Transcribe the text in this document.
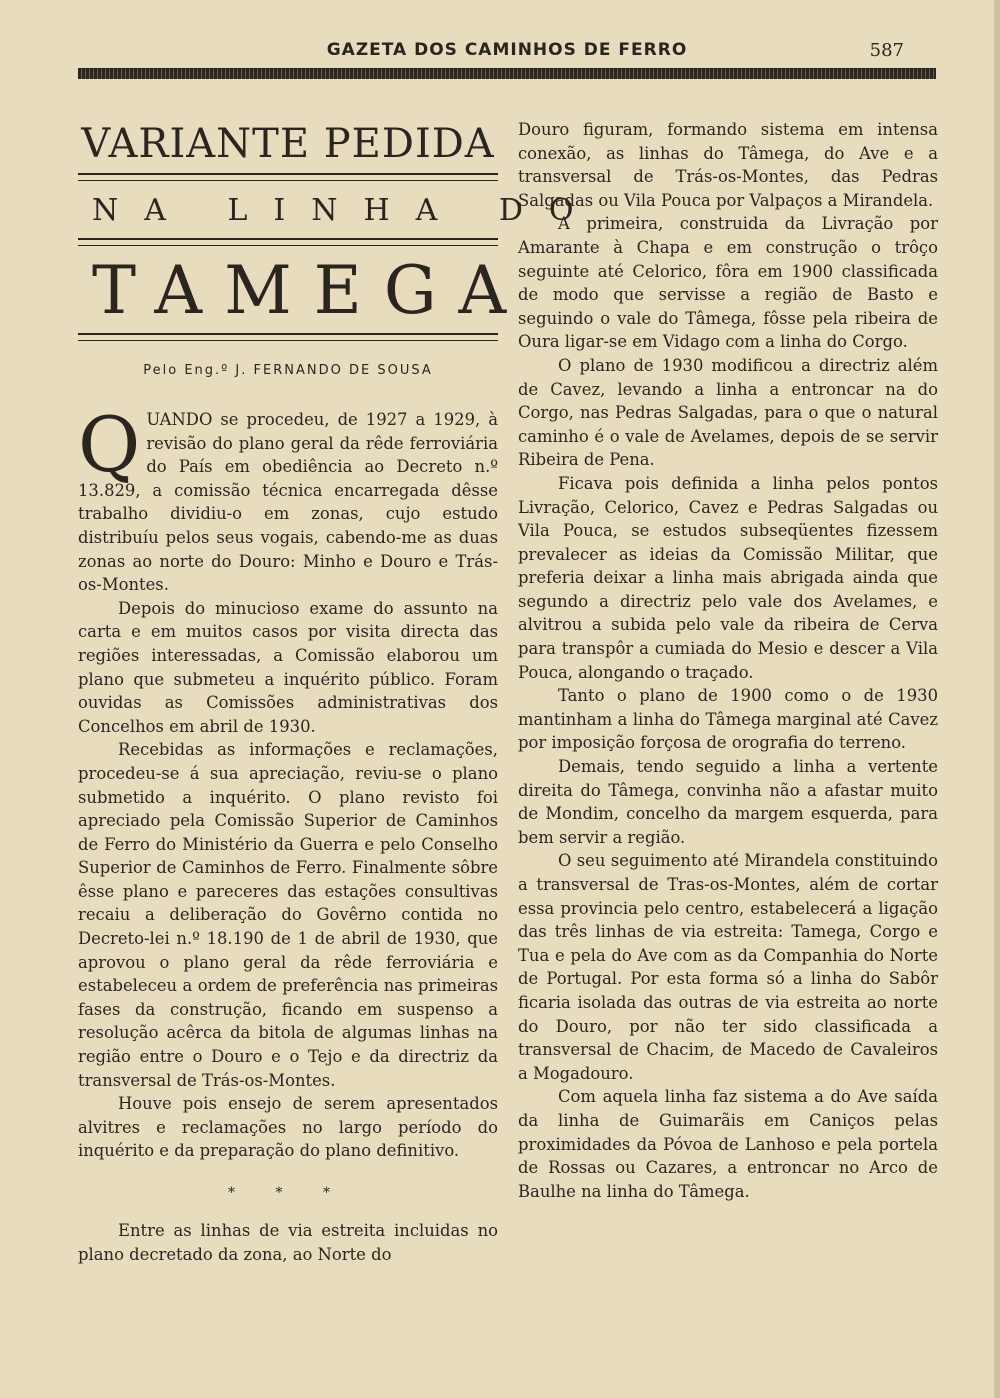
GAZETA DOS CAMINHOS DE FERRO	587
VARIANTE PEDIDA
NA LINHA DO
TAMEGA
Pelo Eng.º J. FERNANDO DE SOUSA

QUANDO se procedeu, de 1927 a 1929, à revisão do plano geral da rêde ferroviária do País em obediência ao Decreto n.º 13.829, a comissão técnica encarregada dêsse trabalho dividiu-o em zonas, cujo estudo distribuíu pelos seus vogais, cabendo-me as duas zonas ao norte do Douro: Minho e Douro e Trás-os-Montes.

Depois do minucioso exame do assunto na carta e em muitos casos por visita directa das regiões interessadas, a Comissão elaborou um plano que submeteu a inquérito público. Foram ouvidas as Comissões administrativas dos Concelhos em abril de 1930.

Recebidas as informações e reclamações, procedeu-se á sua apreciação, reviu-se o plano submetido a inquérito. O plano revisto foi apreciado pela Comissão Superior de Caminhos de Ferro do Ministério da Guerra e pelo Conselho Superior de Caminhos de Ferro. Finalmente sôbre êsse plano e pareceres das estações consultivas recaiu a deliberação do Govêrno contida no Decreto-lei n.º 18.190 de 1 de abril de 1930, que aprovou o plano geral da rêde ferroviária e estabeleceu a ordem de preferência nas primeiras fases da construção, ficando em suspenso a resolução acêrca da bitola de algumas linhas na região entre o Douro e o Tejo e da directriz da transversal de Trás-os-Montes.

Houve pois ensejo de serem apresentados alvitres e reclamações no largo período do inquérito e da preparação do plano definitivo.

* * *

Entre as linhas de via estreita incluidas no plano decretado da zona, ao Norte do

Douro figuram, formando sistema em intensa conexão, as linhas do Tâmega, do Ave e a transversal de Trás-os-Montes, das Pedras Salgadas ou Vila Pouca por Valpaços a Mirandela.

A primeira, construida da Livração por Amarante à Chapa e em construção o trôço seguinte até Celorico, fôra em 1900 classificada de modo que servisse a região de Basto e seguindo o vale do Tâmega, fôsse pela ribeira de Oura ligar-se em Vidago com a linha do Corgo.

O plano de 1930 modificou a directriz além de Cavez, levando a linha a entroncar na do Corgo, nas Pedras Salgadas, para o que o natural caminho é o vale de Avelames, depois de se servir Ribeira de Pena.

Ficava pois definida a linha pelos pontos Livração, Celorico, Cavez e Pedras Salgadas ou Vila Pouca, se estudos subseqüentes fizessem prevalecer as ideias da Comissão Militar, que preferia deixar a linha mais abrigada ainda que segundo a directriz pelo vale dos Avelames, e alvitrou a subida pelo vale da ribeira de Cerva para transpôr a cumiada do Mesio e descer a Vila Pouca, alongando o traçado.

Tanto o plano de 1900 como o de 1930 mantinham a linha do Tâmega marginal até Cavez por imposição forçosa de orografia do terreno.

Demais, tendo seguido a linha a vertente direita do Tâmega, convinha não a afastar muito de Mondim, concelho da margem esquerda, para bem servir a região.

O seu seguimento até Mirandela constituindo a transversal de Tras-os-Montes, além de cortar essa provincia pelo centro, estabelecerá a ligação das três linhas de via estreita: Tamega, Corgo e Tua e pela do Ave com as da Companhia do Norte de Portugal. Por esta forma só a linha do Sabôr ficaria isolada das outras de via estreita ao norte do Douro, por não ter sido classificada a transversal de Chacim, de Macedo de Cavaleiros a Mogadouro.

Com aquela linha faz sistema a do Ave saída da linha de Guimarãis em Caniços pelas proximidades da Póvoa de Lanhoso e pela portela de Rossas ou Cazares, a entroncar no Arco de Baulhe na linha do Tâmega.
